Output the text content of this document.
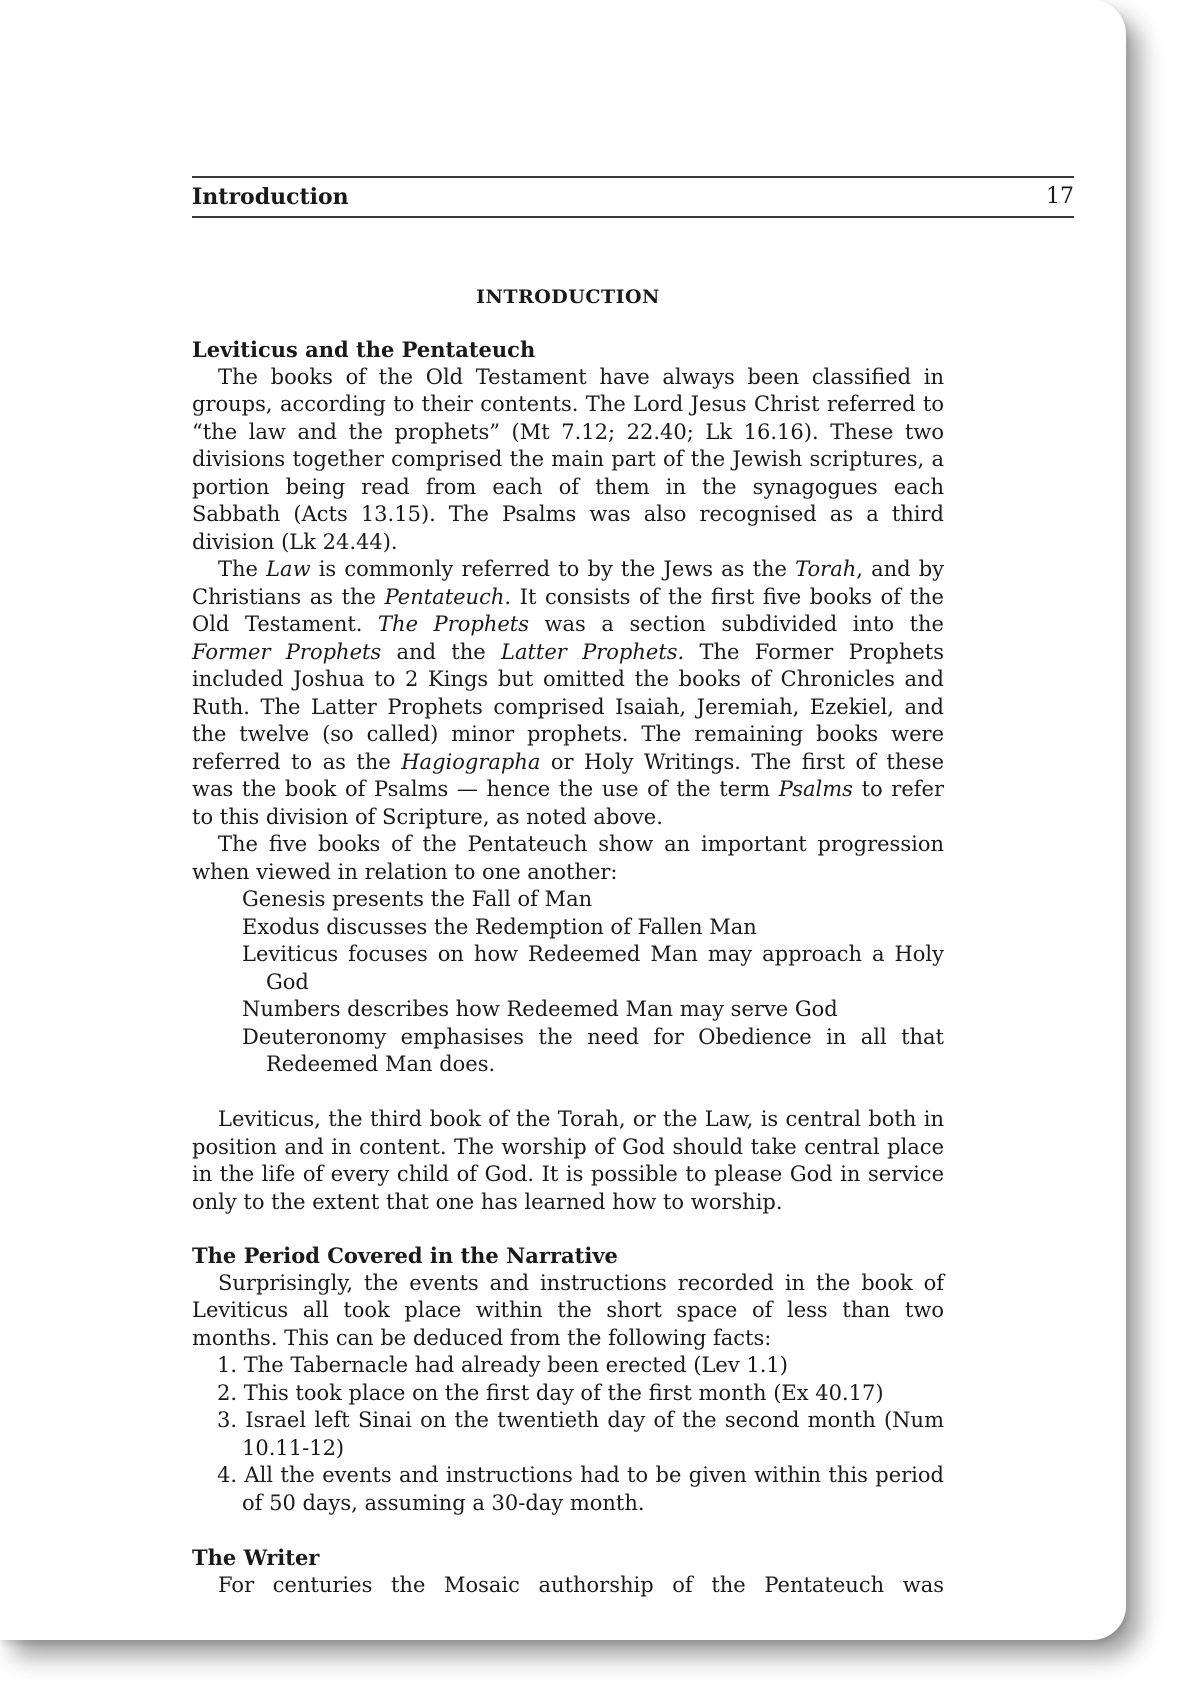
Introduction	17
INTRODUCTION
Leviticus and the Pentateuch

The books of the Old Testament have always been classified in groups, according to their contents. The Lord Jesus Christ referred to “the law and the prophets” (Mt 7.12; 22.40; Lk 16.16). These two divisions together comprised the main part of the Jewish scriptures, a portion being read from each of them in the synagogues each Sabbath (Acts 13.15). The Psalms was also recognised as a third division (Lk 24.44).

The Law is commonly referred to by the Jews as the Torah, and by Christians as the Pentateuch. It consists of the first five books of the Old Testament. The Prophets was a section subdivided into the Former Prophets and the Latter Prophets. The Former Prophets included Joshua to 2 Kings but omitted the books of Chronicles and Ruth. The Latter Prophets comprised Isaiah, Jeremiah, Ezekiel, and the twelve (so called) minor prophets. The remaining books were referred to as the Hagiographa or Holy Writings. The first of these was the book of Psalms — hence the use of the term Psalms to refer to this division of Scripture, as noted above.

The five books of the Pentateuch show an important progression when viewed in relation to one another:

Genesis presents the Fall of Man
Exodus discusses the Redemption of Fallen Man
Leviticus focuses on how Redeemed Man may approach a Holy God
Numbers describes how Redeemed Man may serve God
Deuteronomy emphasises the need for Obedience in all that Redeemed Man does.

Leviticus, the third book of the Torah, or the Law, is central both in position and in content. The worship of God should take central place in the life of every child of God. It is possible to please God in service only to the extent that one has learned how to worship.

The Period Covered in the Narrative

Surprisingly, the events and instructions recorded in the book of Leviticus all took place within the short space of less than two months. This can be deduced from the following facts:

1. The Tabernacle had already been erected (Lev 1.1)
2. This took place on the first day of the first month (Ex 40.17)
3. Israel left Sinai on the twentieth day of the second month (Num 10.11-12)
4. All the events and instructions had to be given within this period of 50 days, assuming a 30-day month.
The Writer

For centuries the Mosaic authorship of the Pentateuch was
